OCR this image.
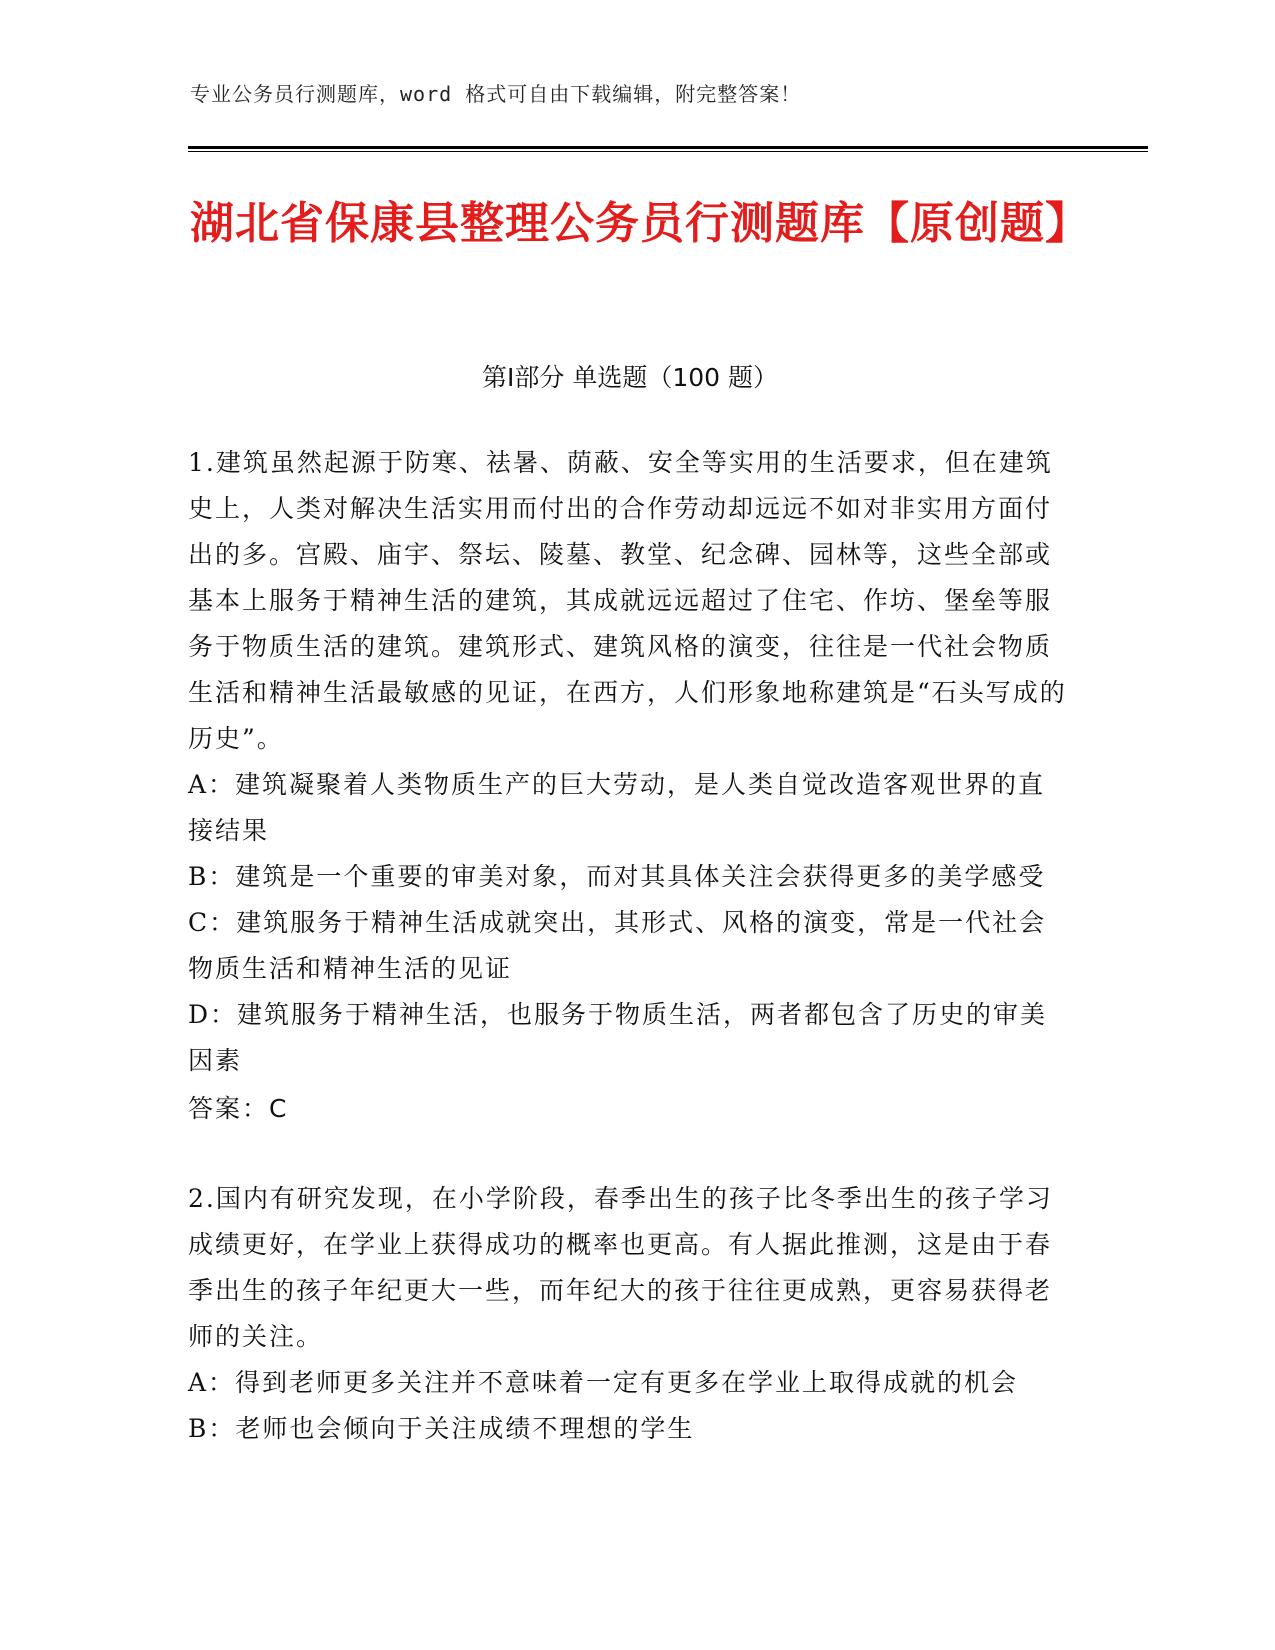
专业公务员行测题库，word 格式可自由下载编辑，附完整答案！
湖北省保康县整理公务员行测题库【原创题】
第Ⅰ部分 单选题（100 题）

1.建筑虽然起源于防寒、祛暑、荫蔽、安全等实用的生活要求，但在建筑史上，人类对解决生活实用而付出的合作劳动却远远不如对非实用方面付出的多。宫殿、庙宇、祭坛、陵墓、教堂、纪念碑、园林等，这些全部或基本上服务于精神生活的建筑，其成就远远超过了住宅、作坊、堡垒等服务于物质生活的建筑。建筑形式、建筑风格的演变，往往是一代社会物质生活和精神生活最敏感的见证，在西方，人们形象地称建筑是“石头写成的历史”。

A：建筑凝聚着人类物质生产的巨大劳动，是人类自觉改造客观世界的直接结果

B：建筑是一个重要的审美对象，而对其具体关注会获得更多的美学感受

C：建筑服务于精神生活成就突出，其形式、风格的演变，常是一代社会物质生活和精神生活的见证

D：建筑服务于精神生活，也服务于物质生活，两者都包含了历史的审美因素

答案：C

2.国内有研究发现，在小学阶段，春季出生的孩子比冬季出生的孩子学习成绩更好，在学业上获得成功的概率也更高。有人据此推测，这是由于春季出生的孩子年纪更大一些，而年纪大的孩于往往更成熟，更容易获得老师的关注。

A：得到老师更多关注并不意味着一定有更多在学业上取得成就的机会

B：老师也会倾向于关注成绩不理想的学生
